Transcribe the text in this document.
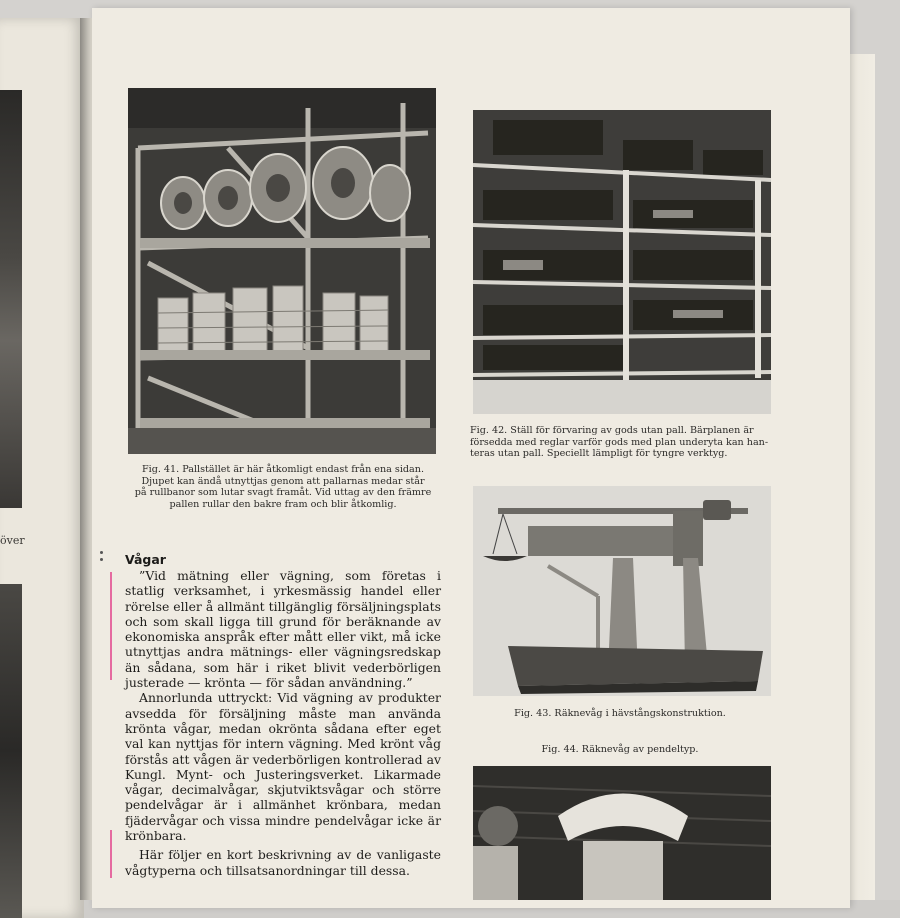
över
Fig. 41. Pallstället är här åtkomligt endast från ena sidan.
Djupet kan ändå utnyttjas genom att pallarnas medar står
på rullbanor som lutar svagt framåt. Vid uttag av den främre
pallen rullar den bakre fram och blir åtkomlig.
Fig. 42. Ställ för förvaring av gods utan pall. Bärplanen är
försedda med reglar varför gods med plan underyta kan han-
teras utan pall. Speciellt lämpligt för tyngre verktyg.
Fig. 43. Räknevåg i hävstångskonstruktion.
Fig. 44. Räknevåg av pendeltyp.
Vågar

”Vid mätning eller vägning, som företas i statlig verksamhet, i yrkesmässig handel eller rörelse eller å allmänt tillgänglig försäljningsplats och som skall ligga till grund för beräknande av ekonomiska anspråk efter mått eller vikt, må icke utnyttjas andra mätnings- eller vägningsredskap än sådana, som här i riket blivit vederbörligen justerade — krönta — för sådan användning.”

Annorlunda uttryckt: Vid vägning av produkter avsedda för försäljning måste man använda krönta vågar, medan okrönta sådana efter eget val kan nyttjas för intern vägning. Med krönt våg förstås att vågen är vederbörligen kontrollerad av Kungl. Mynt- och Justeringsverket. Likarmade vågar, decimalvågar, skjutviktsvågar och större pendelvågar är i allmänhet krönbara, medan fjädervågar och vissa mindre pendelvågar icke är krönbara.

Här följer en kort beskrivning av de vanligaste vågtyperna och tillsatsanordningar till dessa.
